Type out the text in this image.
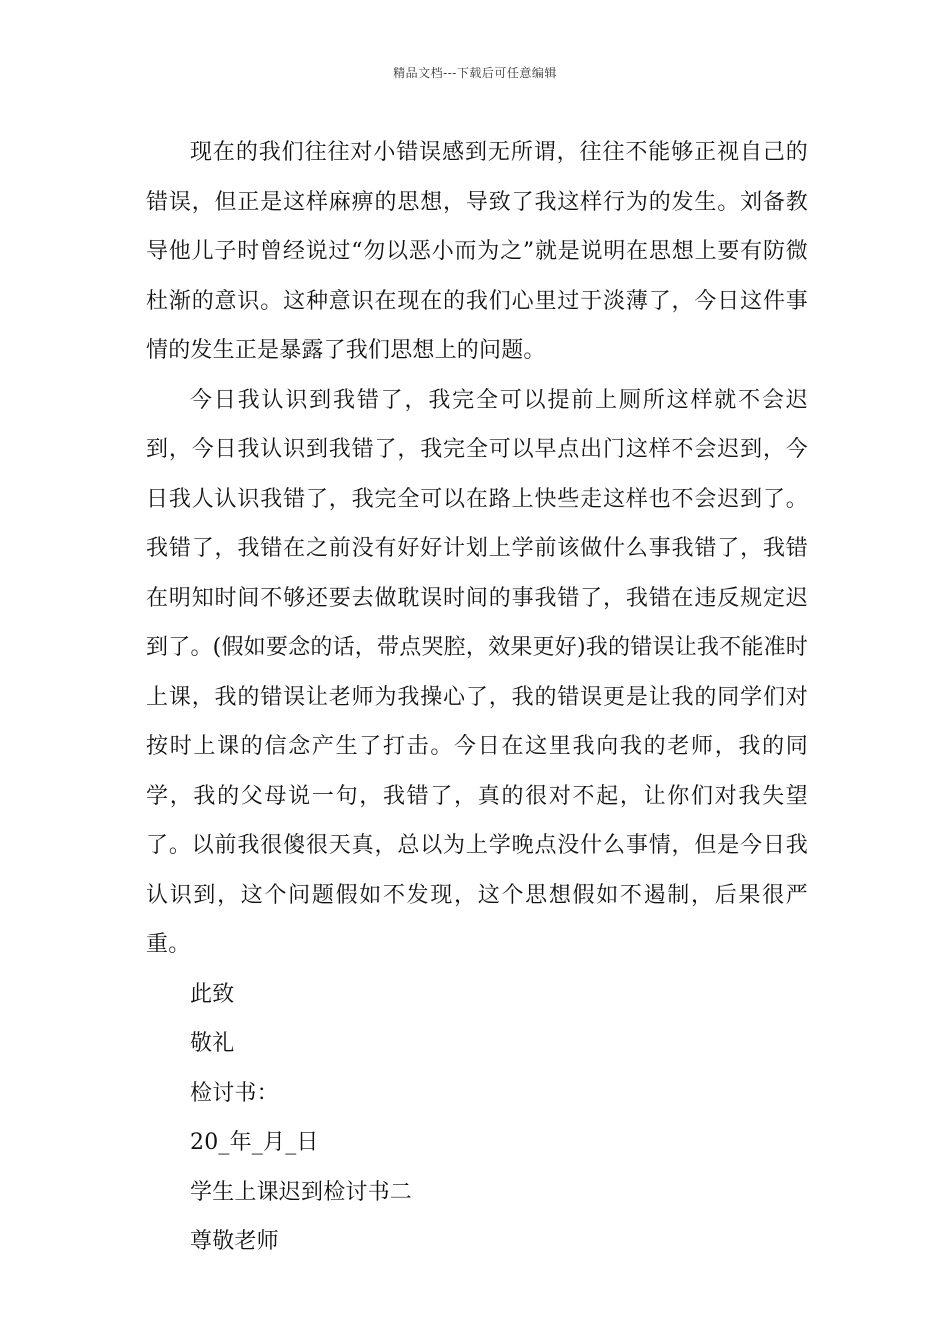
精品文档---下载后可任意编辑

现在的我们往往对小错误感到无所谓，往往不能够正视自己的错误，但正是这样麻痹的思想，导致了我这样行为的发生。刘备教导他儿子时曾经说过“勿以恶小而为之”就是说明在思想上要有防微杜渐的意识。这种意识在现在的我们心里过于淡薄了，今日这件事情的发生正是暴露了我们思想上的问题。

今日我认识到我错了，我完全可以提前上厕所这样就不会迟到，今日我认识到我错了，我完全可以早点出门这样不会迟到，今日我人认识我错了，我完全可以在路上快些走这样也不会迟到了。我错了，我错在之前没有好好计划上学前该做什么事我错了，我错在明知时间不够还要去做耽误时间的事我错了，我错在违反规定迟到了。(假如要念的话，带点哭腔，效果更好)我的错误让我不能准时上课，我的错误让老师为我操心了，我的错误更是让我的同学们对按时上课的信念产生了打击。今日在这里我向我的老师，我的同学，我的父母说一句，我错了，真的很对不起，让你们对我失望了。以前我很傻很天真，总以为上学晚点没什么事情，但是今日我认识到，这个问题假如不发现，这个思想假如不遏制，后果很严重。

此致

敬礼

检讨书：

20_年_月_日

学生上课迟到检讨书二

尊敬老师
